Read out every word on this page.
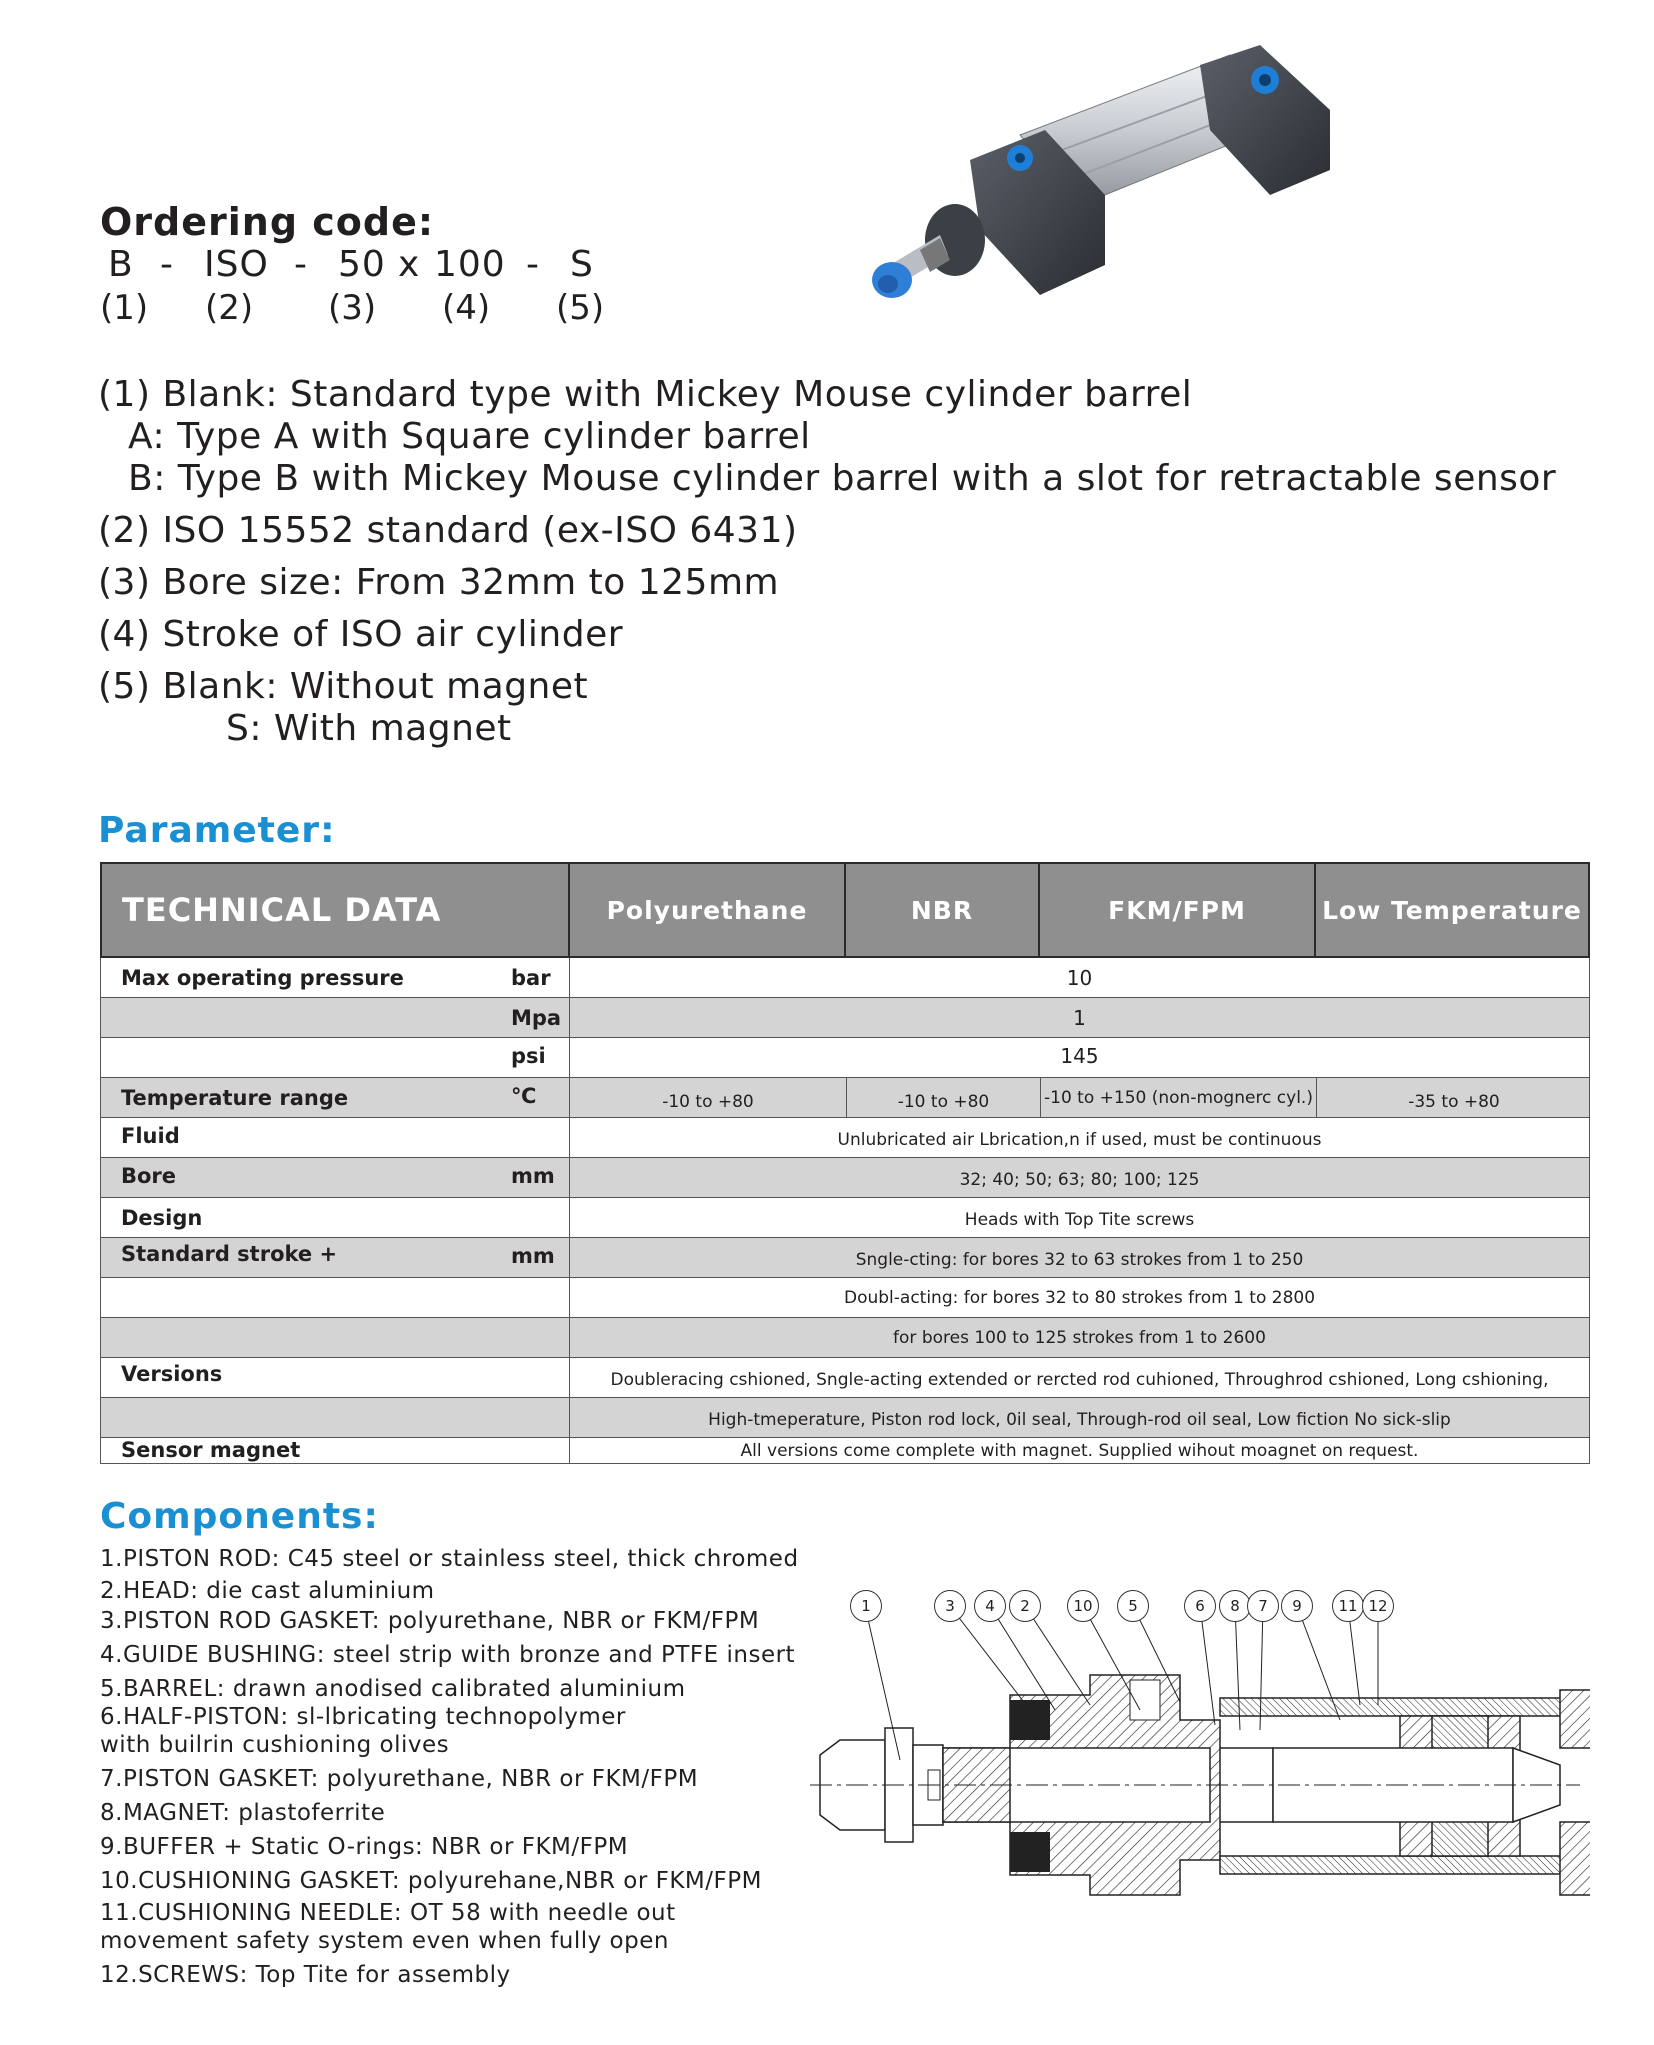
Ordering code:
B - ISO - 50 x 100 - S
(1) (2) (3) (4) (5)
(1) Blank: Standard type with Mickey Mouse cylinder barrel
A: Type A with Square cylinder barrel
B: Type B with Mickey Mouse cylinder barrel with a slot for retractable sensor
(2) ISO 15552 standard (ex-ISO 6431)
(3) Bore size: From 32mm to 125mm
(4) Stroke of ISO air cylinder
(5) Blank: Without magnet
S: With magnet
Parameter:
TECHNICAL DATA	Polyurethane	NBR	FKM/FPM	Low Temperature
Max operating pressure	bar	10
Mpa	1
psi	145
Temperature range	℃	-10 to +80	-10 to +80	-10 to +150 (non-mognerc cyl.)	-35 to +80
Fluid	Unlubricated air Lbrication,n if used, must be continuous
Bore	mm	32; 40; 50; 63; 80; 100; 125
Design	Heads with Top Tite screws
Standard stroke +	mm	Sngle-cting: for bores 32 to 63 strokes from 1 to 250
Doubl-acting: for bores 32 to 80 strokes from 1 to 2800
for bores 100 to 125 strokes from 1 to 2600
Versions	Doubleracing cshioned, Sngle-acting extended or rercted rod cuhioned, Throughrod cshioned, Long cshioning,
High-tmeperature, Piston rod lock, 0il seal, Through-rod oil seal, Low fiction No sick-slip
Sensor magnet	All versions come complete with magnet. Supplied wihout moagnet on request.
Components:
1.PISTON ROD: C45 steel or stainless steel, thick chromed
2.HEAD: die cast aluminium
3.PISTON ROD GASKET: polyurethane, NBR or FKM/FPM
4.GUIDE BUSHING: steel strip with bronze and PTFE insert
5.BARREL: drawn anodised calibrated aluminium
6.HALF-PISTON: sl-lbricating technopolymer
with builrin cushioning olives
7.PISTON GASKET: polyurethane, NBR or FKM/FPM
8.MAGNET: plastoferrite
9.BUFFER + Static O-rings: NBR or FKM/FPM
10.CUSHIONING GASKET: polyurehane,NBR or FKM/FPM
11.CUSHIONING NEEDLE: OT 58 with needle out
movement safety system even when fully open
12.SCREWS: Top Tite for assembly
1	3	4	2	10	5	6	8	7	9	11 12
